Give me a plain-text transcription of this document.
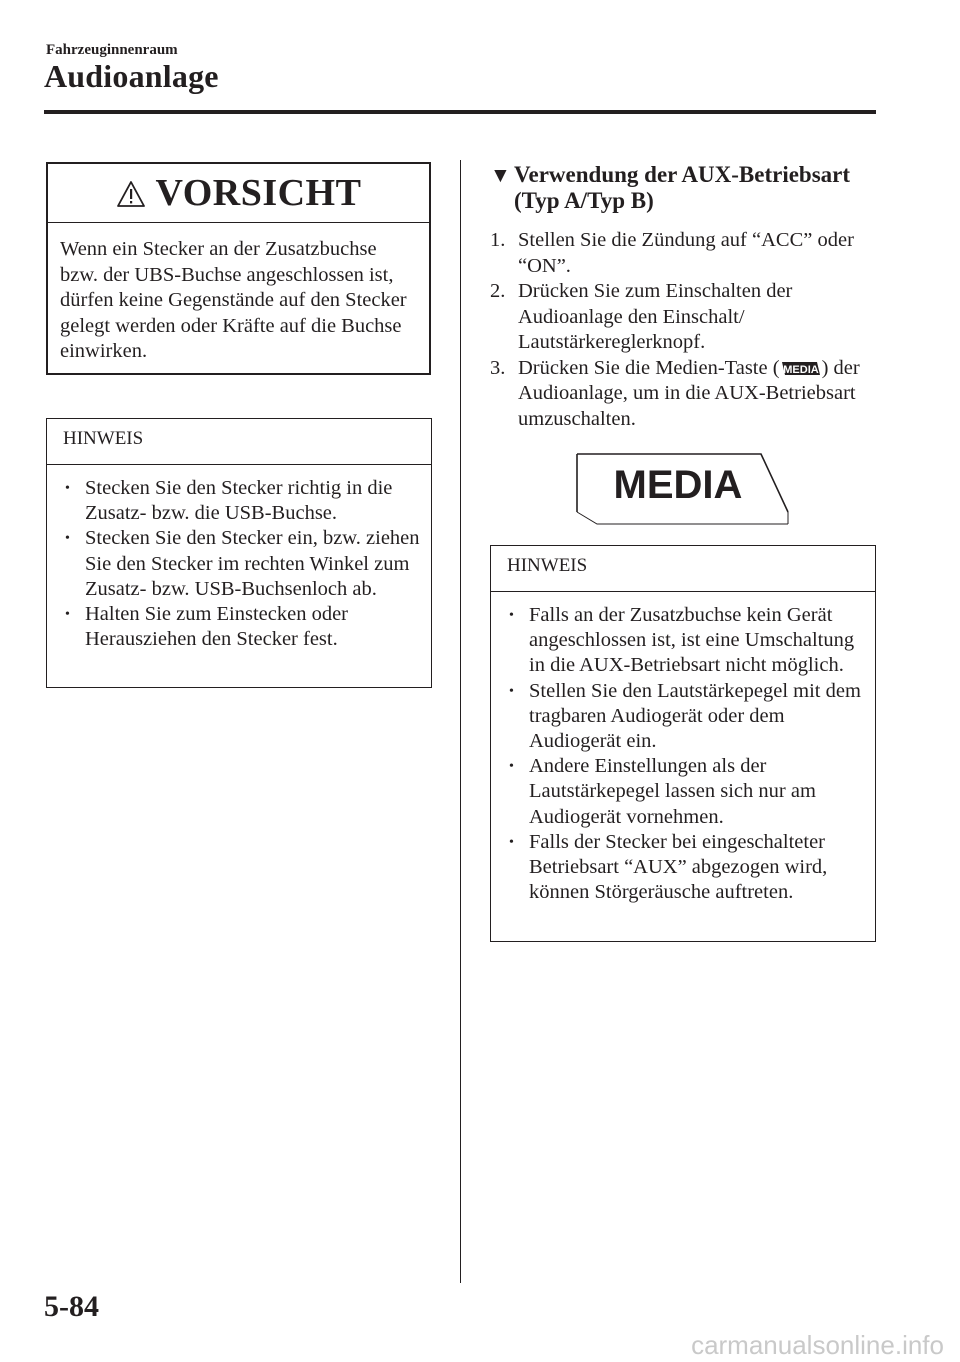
Fahrzeuginnenraum
Audioanlage
VORSICHT
Wenn ein Stecker an der Zusatzbuchse bzw. der UBS-Buchse angeschlossen ist, dürfen keine Gegenstände auf den Stecker gelegt werden oder Kräfte auf die Buchse einwirken.
HINWEIS
• Stecken Sie den Stecker richtig in die Zusatz- bzw. die USB-Buchse.
• Stecken Sie den Stecker ein, bzw. ziehen Sie den Stecker im rechten Winkel zum Zusatz- bzw. USB-Buchsenloch ab.
• Halten Sie zum Einstecken oder Herausziehen den Stecker fest.
▼ Verwendung der AUX-Betriebsart
(Typ A/Typ B)
1. Stellen Sie die Zündung auf “ACC” oder “ON”.
2. Drücken Sie zum Einschalten der Audioanlage den Einschalt/ Lautstärkereglerknopf.
3. Drücken Sie die Medien-Taste ( MEDIA ) der Audioanlage, um in die AUX-Betriebsart umzuschalten.
MEDIA
HINWEIS
• Falls an der Zusatzbuchse kein Gerät angeschlossen ist, ist eine Umschaltung in die AUX-Betriebsart nicht möglich.
• Stellen Sie den Lautstärkepegel mit dem tragbaren Audiogerät oder dem Audiogerät ein.
• Andere Einstellungen als der Lautstärkepegel lassen sich nur am Audiogerät vornehmen.
• Falls der Stecker bei eingeschalteter Betriebsart “AUX” abgezogen wird, können Störgeräusche auftreten.
5-84
carmanualsonline.info
